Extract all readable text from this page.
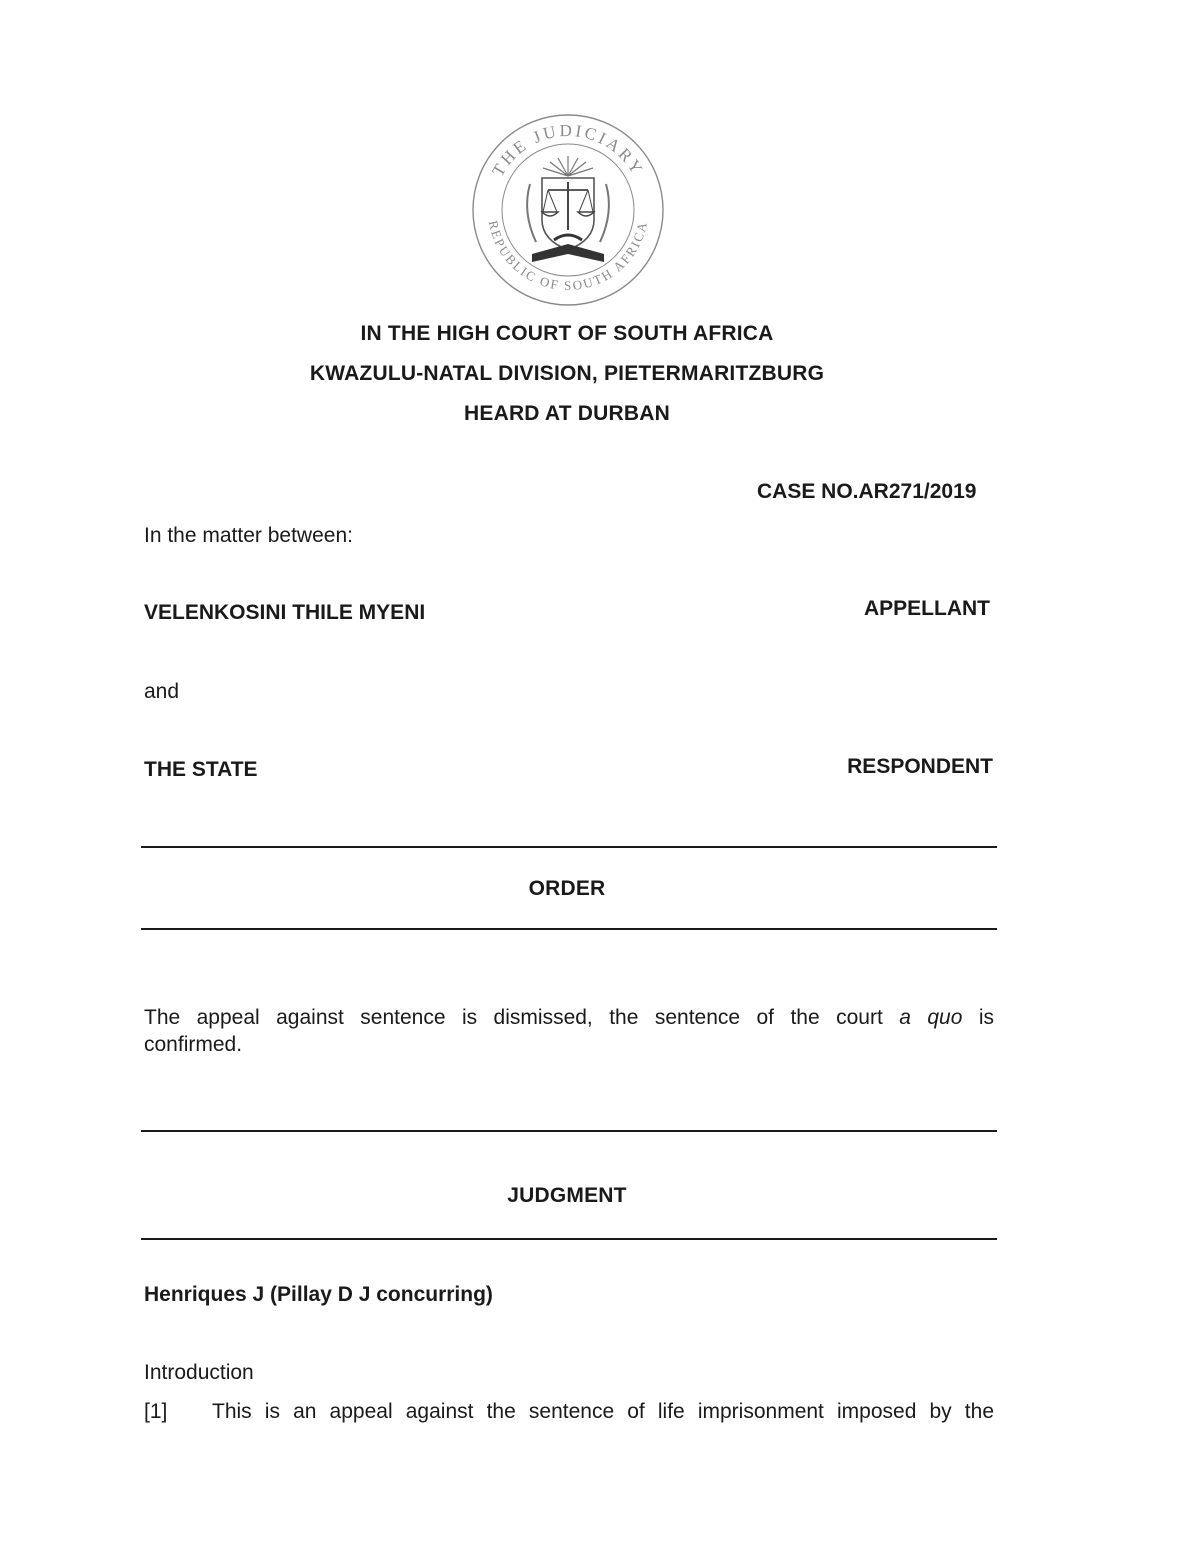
THE JUDICIARY
REPUBLIC OF SOUTH AFRICA
IN THE HIGH COURT OF SOUTH AFRICA
KWAZULU-NATAL DIVISION, PIETERMARITZBURG
HEARD AT DURBAN
CASE NO.AR271/2019
In the matter between:
VELENKOSINI THILE MYENI	APPELLANT
and
THE STATE	RESPONDENT
ORDER
The appeal against sentence is dismissed, the sentence of the court a quo is
confirmed.
JUDGMENT
Henriques J (Pillay D J concurring)
Introduction
[1]	This is an appeal against the sentence of life imprisonment imposed by the
